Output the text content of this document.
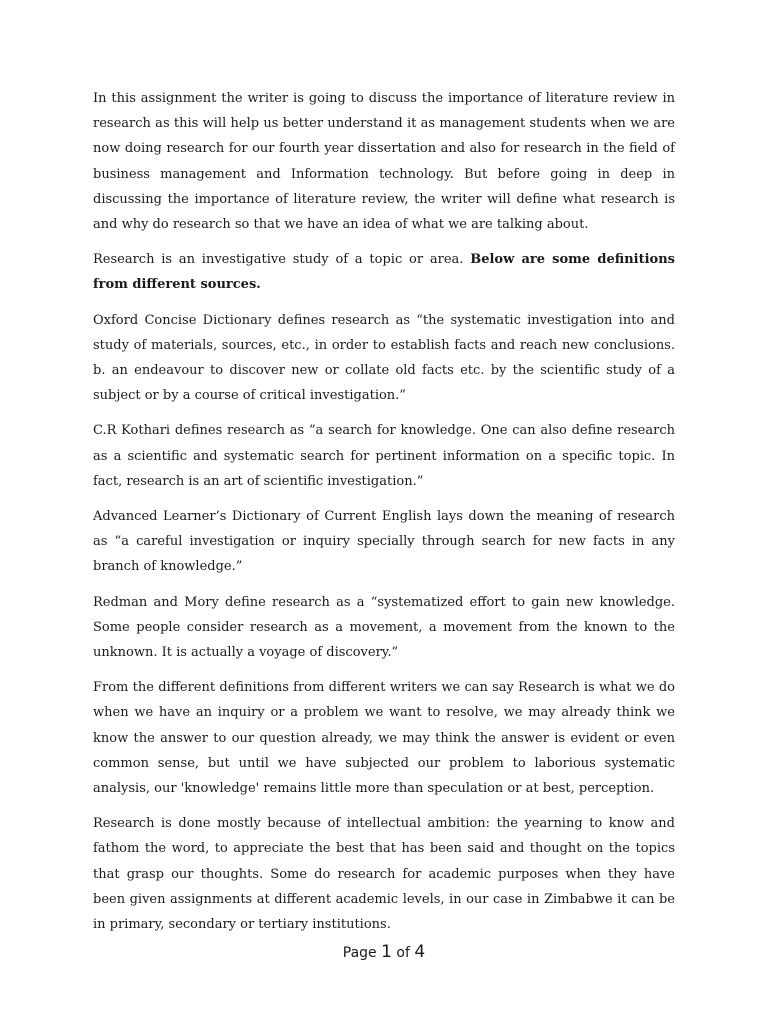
In this assignment the writer is going to discuss the importance of literature review in research as this will help us better understand it as management students when we are now doing research for our fourth year dissertation and also for research in the field of business management and Information technology. But before going in deep in discussing the importance of literature review, the writer will define what research is and why do research so that we have an idea of what we are talking about.

Research is an investigative study of a topic or area. Below are some definitions from different sources.

Oxford Concise Dictionary defines research as “the systematic investigation into and study of materials, sources, etc., in order to establish facts and reach new conclusions. b. an endeavour to discover new or collate old facts etc. by the scientific study of a subject or by a course of critical investigation.”

C.R Kothari defines research as “a search for knowledge. One can also define research as a scientific and systematic search for pertinent information on a specific topic. In fact, research is an art of scientific investigation.”

Advanced Learner’s Dictionary of Current English lays down the meaning of research as “a careful investigation or inquiry specially through search for new facts in any branch of knowledge.”

Redman and Mory define research as a “systematized effort to gain new knowledge. Some people consider research as a movement, a movement from the known to the unknown. It is actually a voyage of discovery.”

From the different definitions from different writers we can say Research is what we do when we have an inquiry or a problem we want to resolve, we may already think we know the answer to our question already, we may think the answer is evident or even common sense, but until we have subjected our problem to laborious systematic analysis, our 'knowledge' remains little more than speculation or at best, perception.

Research is done mostly because of intellectual ambition: the yearning to know and fathom the word, to appreciate the best that has been said and thought on the topics that grasp our thoughts. Some do research for academic purposes when they have been given assignments at different academic levels, in our case in Zimbabwe it can be in primary, secondary or tertiary institutions.

Page 1 of 4
